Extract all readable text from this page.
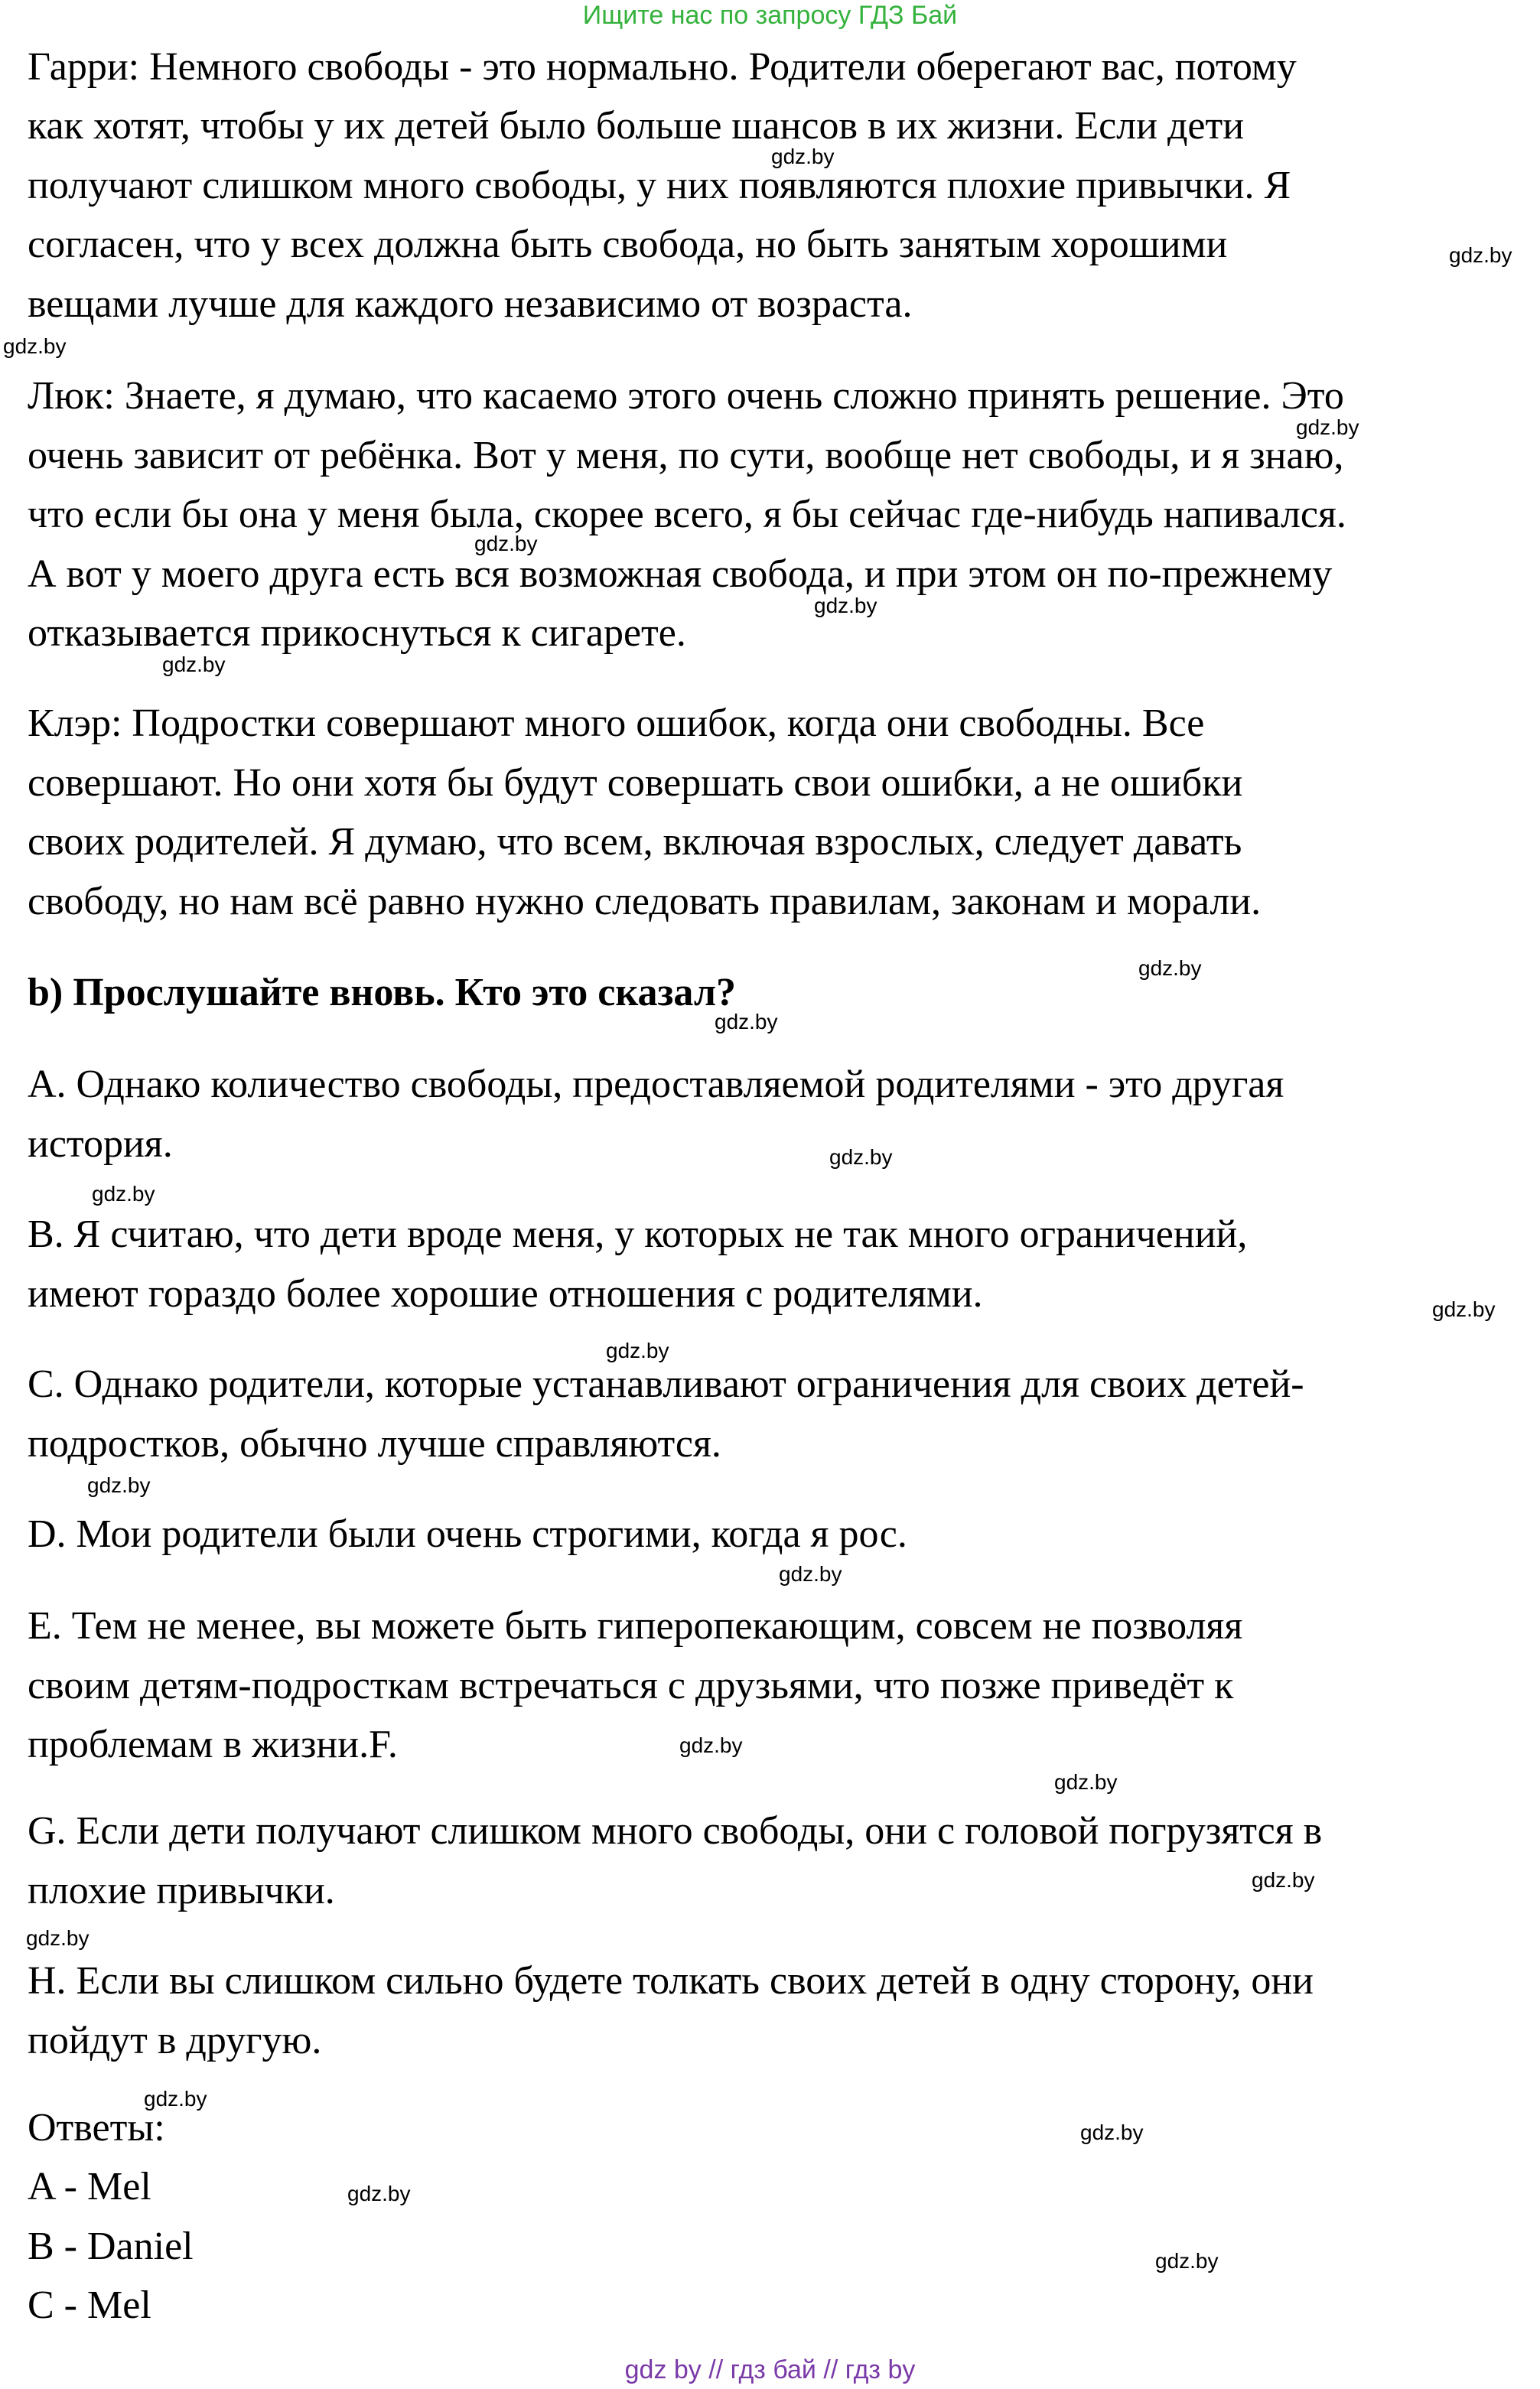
Ищите нас по запросу ГДЗ Бай
Гарри: Немного свободы - это нормально. Родители оберегают вас, потому
как хотят, чтобы у их детей было больше шансов в их жизни. Если дети
получают слишком много свободы, у них появляются плохие привычки. Я
согласен, что у всех должна быть свобода, но быть занятым хорошими
вещами лучше для каждого независимо от возраста.
Люк: Знаете, я думаю, что касаемо этого очень сложно принять решение. Это
очень зависит от ребёнка. Вот у меня, по сути, вообще нет свободы, и я знаю,
что если бы она у меня была, скорее всего, я бы сейчас где-нибудь напивался.
А вот у моего друга есть вся возможная свобода, и при этом он по-прежнему
отказывается прикоснуться к сигарете.
Клэр: Подростки совершают много ошибок, когда они свободны. Все
совершают. Но они хотя бы будут совершать свои ошибки, а не ошибки
своих родителей. Я думаю, что всем, включая взрослых, следует давать
свободу, но нам всё равно нужно следовать правилам, законам и морали.
b) Прослушайте вновь. Кто это сказал?
A. Однако количество свободы, предоставляемой родителями - это другая
история.
B. Я считаю, что дети вроде меня, у которых не так много ограничений,
имеют гораздо более хорошие отношения с родителями.
C. Однако родители, которые устанавливают ограничения для своих детей-
подростков, обычно лучше справляются.
D. Мои родители были очень строгими, когда я рос.
E. Тем не менее, вы можете быть гиперопекающим, совсем не позволяя
своим детям-подросткам встречаться с друзьями, что позже приведёт к
проблемам в жизни.F.
G. Если дети получают слишком много свободы, они с головой погрузятся в
плохие привычки.
H. Если вы слишком сильно будете толкать своих детей в одну сторону, они
пойдут в другую.
Ответы:
A - Mel
B - Daniel
C - Mel
gdz.by
gdz.by
gdz.by
gdz.by
gdz.by
gdz.by
gdz.by
gdz.by
gdz.by
gdz.by
gdz.by
gdz.by
gdz.by
gdz.by
gdz.by
gdz.by
gdz.by
gdz.by
gdz.by
gdz.by
gdz.by
gdz.by
gdz.by
gdz by // гдз бай // гдз by
